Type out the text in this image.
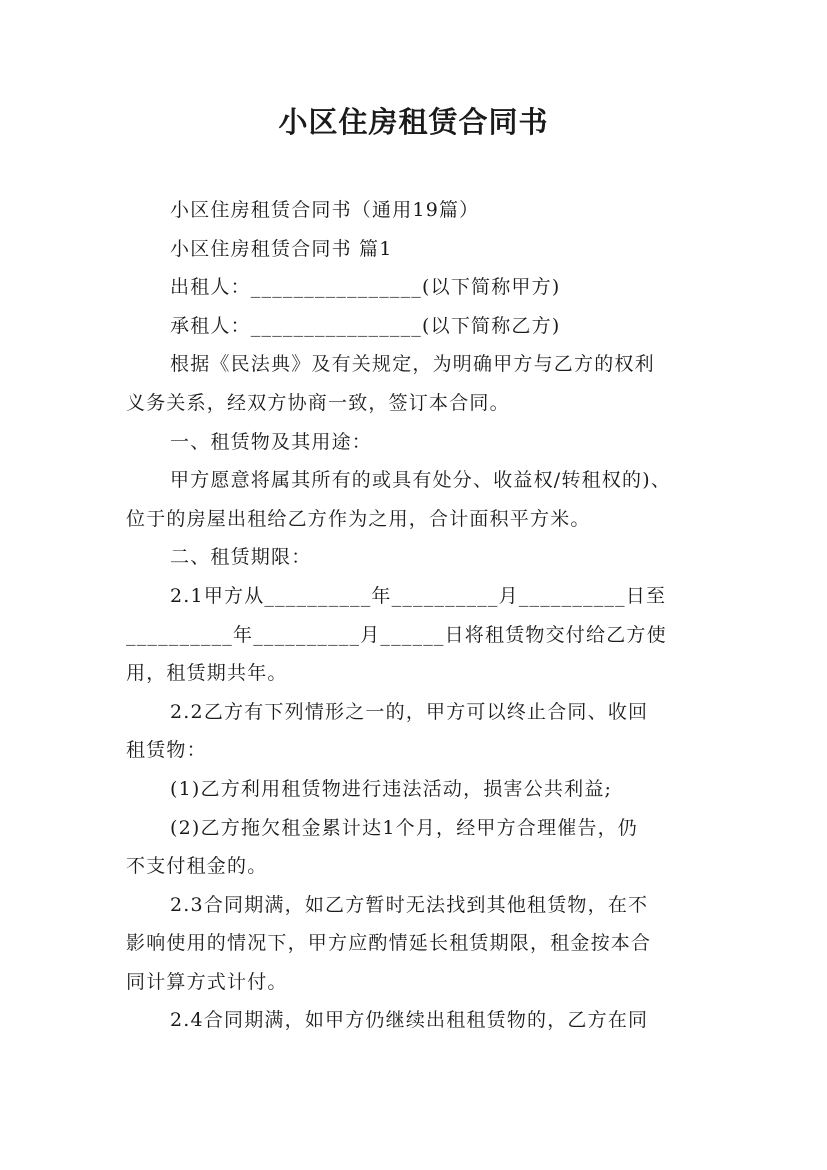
小区住房租赁合同书
小区住房租赁合同书（通用19篇）
小区住房租赁合同书 篇1
出租人：________________(以下简称甲方)
承租人：________________(以下简称乙方)
根据《民法典》及有关规定，为明确甲方与乙方的权利
义务关系，经双方协商一致，签订本合同。
一、租赁物及其用途：
甲方愿意将属其所有的或具有处分、收益权/转租权的)、
位于的房屋出租给乙方作为之用，合计面积平方米。
二、租赁期限：
2.1甲方从__________年__________月__________日至
__________年__________月______日将租赁物交付给乙方使
用，租赁期共年。
2.2乙方有下列情形之一的，甲方可以终止合同、收回
租赁物：
(1)乙方利用租赁物进行违法活动，损害公共利益;
(2)乙方拖欠租金累计达1个月，经甲方合理催告，仍
不支付租金的。
2.3合同期满，如乙方暂时无法找到其他租赁物，在不
影响使用的情况下，甲方应酌情延长租赁期限，租金按本合
同计算方式计付。
2.4合同期满，如甲方仍继续出租租赁物的，乙方在同
